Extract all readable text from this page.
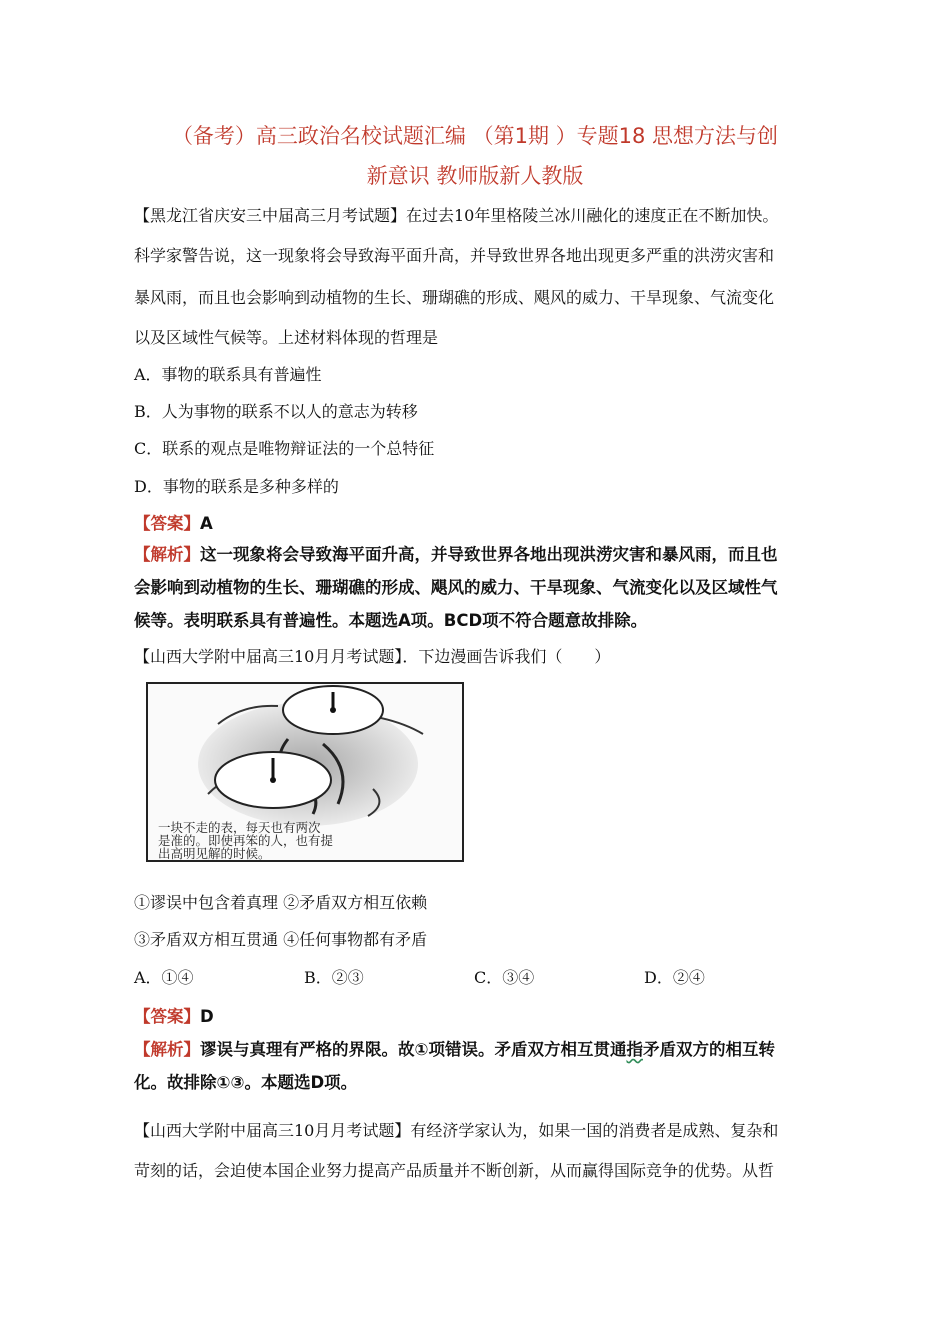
（备考）高三政治名校试题汇编 （第1期 ）专题18 思想方法与创
新意识 教师版新人教版
【黑龙江省庆安三中届高三月考试题】在过去10年里格陵兰冰川融化的速度正在不断加快。
科学家警告说，这一现象将会导致海平面升高，并导致世界各地出现更多严重的洪涝灾害和
暴风雨，而且也会影响到动植物的生长、珊瑚礁的形成、飓风的威力、干旱现象、气流变化
以及区域性气候等。上述材料体现的哲理是
A．事物的联系具有普遍性
B．人为事物的联系不以人的意志为转移
C．联系的观点是唯物辩证法的一个总特征
D．事物的联系是多种多样的
【答案】A
【解析】这一现象将会导致海平面升高，并导致世界各地出现洪涝灾害和暴风雨，而且也
会影响到动植物的生长、珊瑚礁的形成、飓风的威力、干旱现象、气流变化以及区域性气
候等。表明联系具有普遍性。本题选A项。BCD项不符合题意故排除。
【山西大学附中届高三10月月考试题】．下边漫画告诉我们（　　）
一块不走的表，每天也有两次
是准的。即使再笨的人，也有提
出高明见解的时候。
①谬误中包含着真理 ②矛盾双方相互依赖
③矛盾双方相互贯通 ④任何事物都有矛盾
A．①④	B．②③	C．③④	D．②④
【答案】D
【解析】谬误与真理有严格的界限。故①项错误。矛盾双方相互贯通指矛盾双方的相互转
化。故排除①③。本题选D项。
【山西大学附中届高三10月月考试题】有经济学家认为，如果一国的消费者是成熟、复杂和
苛刻的话，会迫使本国企业努力提高产品质量并不断创新，从而赢得国际竞争的优势。从哲
